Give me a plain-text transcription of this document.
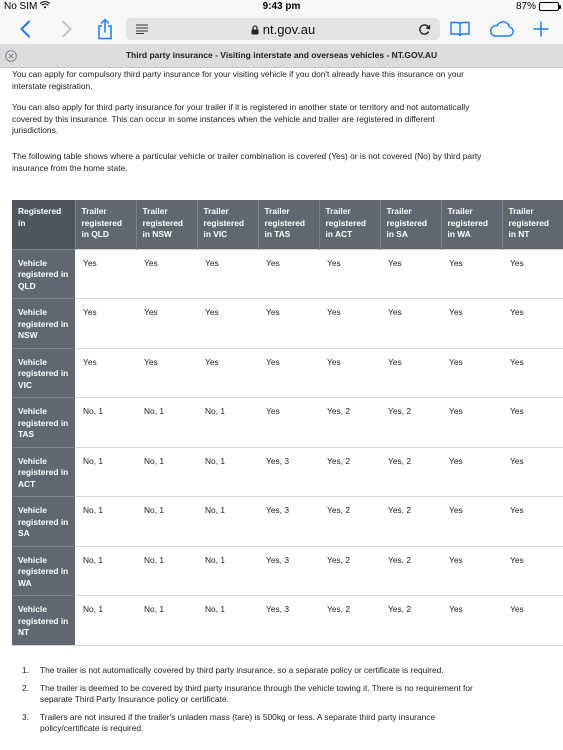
No SIM	9:43 pm	87%
nt.gov.au
Third party insurance - Visiting interstate and overseas vehicles - NT.GOV.AU

You can apply for compulsory third party insurance for your visiting vehicle if you don't already have this insurance on your interstate registration.

You can also apply for third party insurance for your trailer if it is registered in another state or territory and not automatically covered by this insurance. This can occur in some instances when the vehicle and trailer are registered in different jurisdictions.

The following table shows where a particular vehicle or trailer combination is covered (Yes) or is not covered (No) by third party insurance from the home state.

Registered in	Trailer registered in QLD	Trailer registered in NSW	Trailer registered in VIC	Trailer registered in TAS	Trailer registered in ACT	Trailer registered in SA	Trailer registered in WA	Trailer registered in NT
Vehicle registered in QLD	Yes	Yes	Yes	Yes	Yes	Yes	Yes	Yes
Vehicle registered in NSW	Yes	Yes	Yes	Yes	Yes	Yes	Yes	Yes
Vehicle registered in VIC	Yes	Yes	Yes	Yes	Yes	Yes	Yes	Yes
Vehicle registered in TAS	No, 1	No, 1	No, 1	Yes	Yes, 2	Yes, 2	Yes	Yes
Vehicle registered in ACT	No, 1	No, 1	No, 1	Yes, 3	Yes, 2	Yes, 2	Yes	Yes
Vehicle registered in SA	No, 1	No, 1	No, 1	Yes, 3	Yes, 2	Yes, 2	Yes	Yes
Vehicle registered in WA	No, 1	No, 1	No, 1	Yes, 3	Yes, 2	Yes, 2	Yes	Yes
Vehicle registered in NT	No, 1	No, 1	No, 1	Yes, 3	Yes, 2	Yes, 2	Yes	Yes
1. The trailer is not automatically covered by third party insurance, so a separate policy or certificate is required.
2. The trailer is deemed to be covered by third party insurance through the vehicle towing it. There is no requirement for separate Third Party Insurance policy or certificate.
3. Trailers are not insured if the trailer's unladen mass (tare) is 500kg or less. A separate third party insurance policy/certificate is required.
